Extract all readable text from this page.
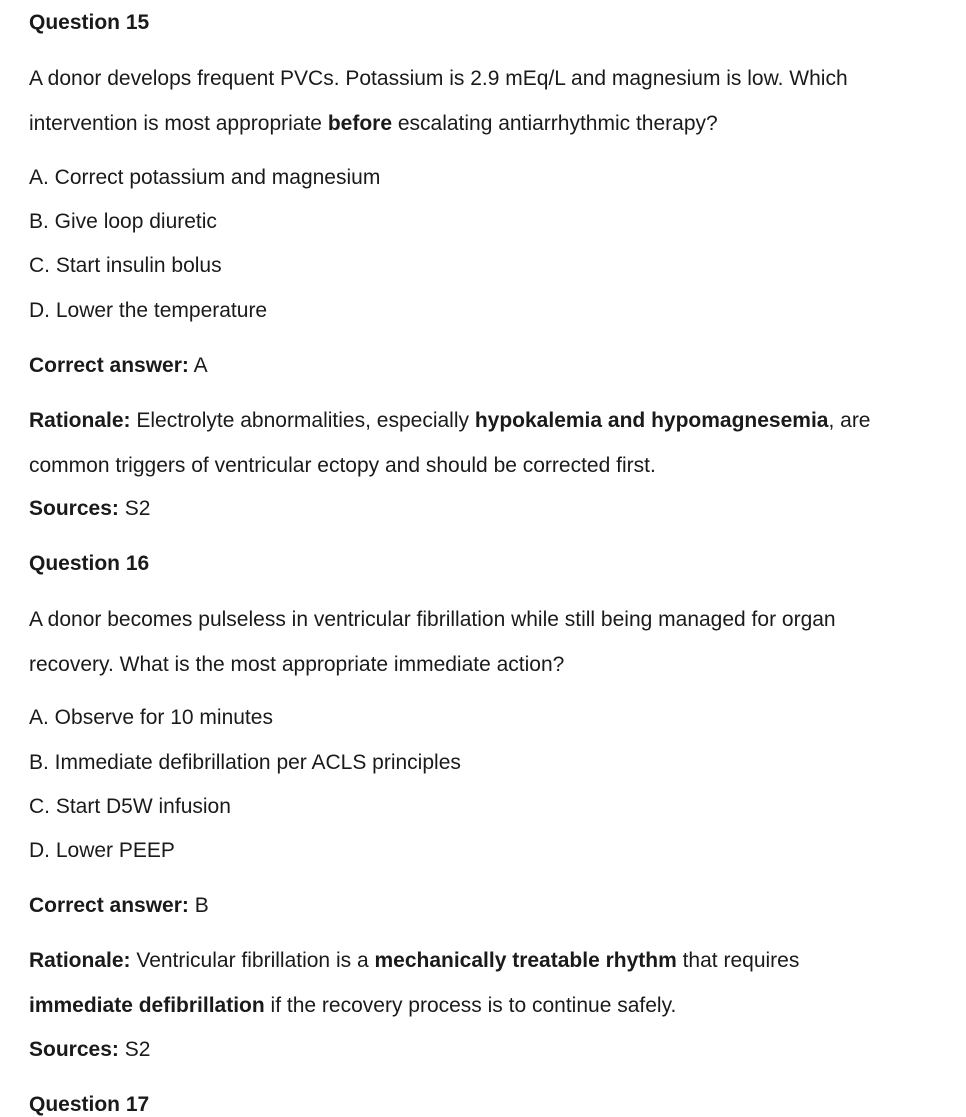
Question 15

A donor develops frequent PVCs. Potassium is 2.9 mEq/L and magnesium is low. Which
intervention is most appropriate before escalating antiarrhythmic therapy?

A. Correct potassium and magnesium

B. Give loop diuretic

C. Start insulin bolus

D. Lower the temperature

Correct answer: A

Rationale: Electrolyte abnormalities, especially hypokalemia and hypomagnesemia, are
common triggers of ventricular ectopy and should be corrected first.

Sources: S2

Question 16

A donor becomes pulseless in ventricular fibrillation while still being managed for organ
recovery. What is the most appropriate immediate action?

A. Observe for 10 minutes

B. Immediate defibrillation per ACLS principles

C. Start D5W infusion

D. Lower PEEP

Correct answer: B

Rationale: Ventricular fibrillation is a mechanically treatable rhythm that requires
immediate defibrillation if the recovery process is to continue safely.

Sources: S2

Question 17
